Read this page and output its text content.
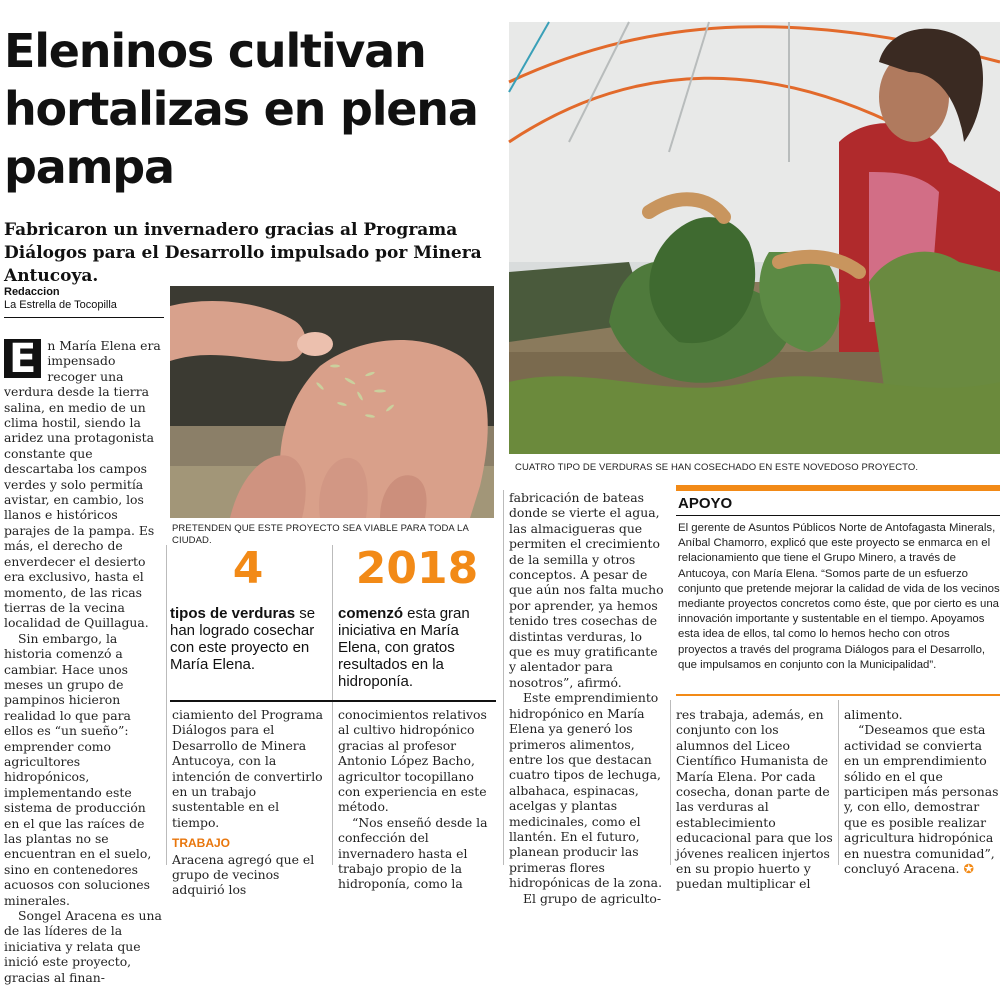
Eleninos cultivan hortalizas en plena pampa

Fabricaron un invernadero gracias al Programa Diálogos para el Desarrollo impulsado por Minera Antucoya.

Redaccion
La Estrella de Tocopilla
PRETENDEN QUE ESTE PROYECTO SEA VIABLE PARA TODA LA CIUDAD.
CUATRO TIPO DE VERDURAS SE HAN COSECHADO EN ESTE NOVEDOSO PROYECTO.

E n María Elena era impensado recoger una verdura desde la tierra salina, en medio de un clima hostil, siendo la aridez una protagonista constante que descartaba los campos verdes y solo permitía avistar, en cambio, los llanos e históricos parajes de la pampa. Es más, el derecho de enverdecer el desierto era exclusivo, hasta el momento, de las ricas tierras de la vecina localidad de Quillagua.

Sin embargo, la historia comenzó a cambiar. Hace unos meses un grupo de pampinos hicieron realidad lo que para ellos es “un sueño”: emprender como agricultores hidropónicos, implementando este sistema de producción en el que las raíces de las plantas no se encuentran en el suelo, sino en contenedores acuosos con soluciones minerales.

Songel Aracena es una de las líderes de la iniciativa y relata que inició este proyecto, gracias al finan-

4
tipos de verduras se han logrado cosechar con este proyecto en María Elena.
2018
comenzó esta gran iniciativa en María Elena, con gratos resultados en la hidroponía.

ciamiento del Programa Diálogos para el Desarrollo de Minera Antucoya, con la intención de convertirlo en un trabajo sustentable en el tiempo.

TRABAJO

Aracena agregó que el grupo de vecinos adquirió los

conocimientos relativos al cultivo hidropónico gracias al profesor Antonio López Bacho, agricultor tocopillano con experiencia en este método.

“Nos enseñó desde la confección del invernadero hasta el trabajo propio de la hidroponía, como la

fabricación de bateas donde se vierte el agua, las almacigueras que permiten el crecimiento de la semilla y otros conceptos. A pesar de que aún nos falta mucho por aprender, ya hemos tenido tres cosechas de distintas verduras, lo que es muy gratificante y alentador para nosotros”, afirmó.

Este emprendimiento hidropónico en María Elena ya generó los primeros alimentos, entre los que destacan cuatro tipos de lechuga, albahaca, espinacas, acelgas y plantas medicinales, como el llantén. En el futuro, planean producir las primeras flores hidropónicas de la zona.

El grupo de agriculto-

APOYO
El gerente de Asuntos Públicos Norte de Antofagasta Minerals, Aníbal Chamorro, explicó que este proyecto se enmarca en el relacionamiento que tiene el Grupo Minero, a través de Antucoya, con María Elena. “Somos parte de un esfuerzo conjunto que pretende mejorar la calidad de vida de los vecinos mediante proyectos concretos como éste, que por cierto es una innovación importante y sustentable en el tiempo. Apoyamos esta idea de ellos, tal como lo hemos hecho con otros proyectos a través del programa Diálogos para el Desarrollo, que impulsamos en conjunto con la Municipalidad”.

res trabaja, además, en conjunto con los alumnos del Liceo Científico Humanista de María Elena. Por cada cosecha, donan parte de las verduras al establecimiento educacional para que los jóvenes realicen injertos en su propio huerto y puedan multiplicar el

alimento.

“Deseamos que esta actividad se convierta en un emprendimiento sólido en el que participen más personas y, con ello, demostrar que es posible realizar agricultura hidropónica en nuestra comunidad”, concluyó Aracena. ✪
